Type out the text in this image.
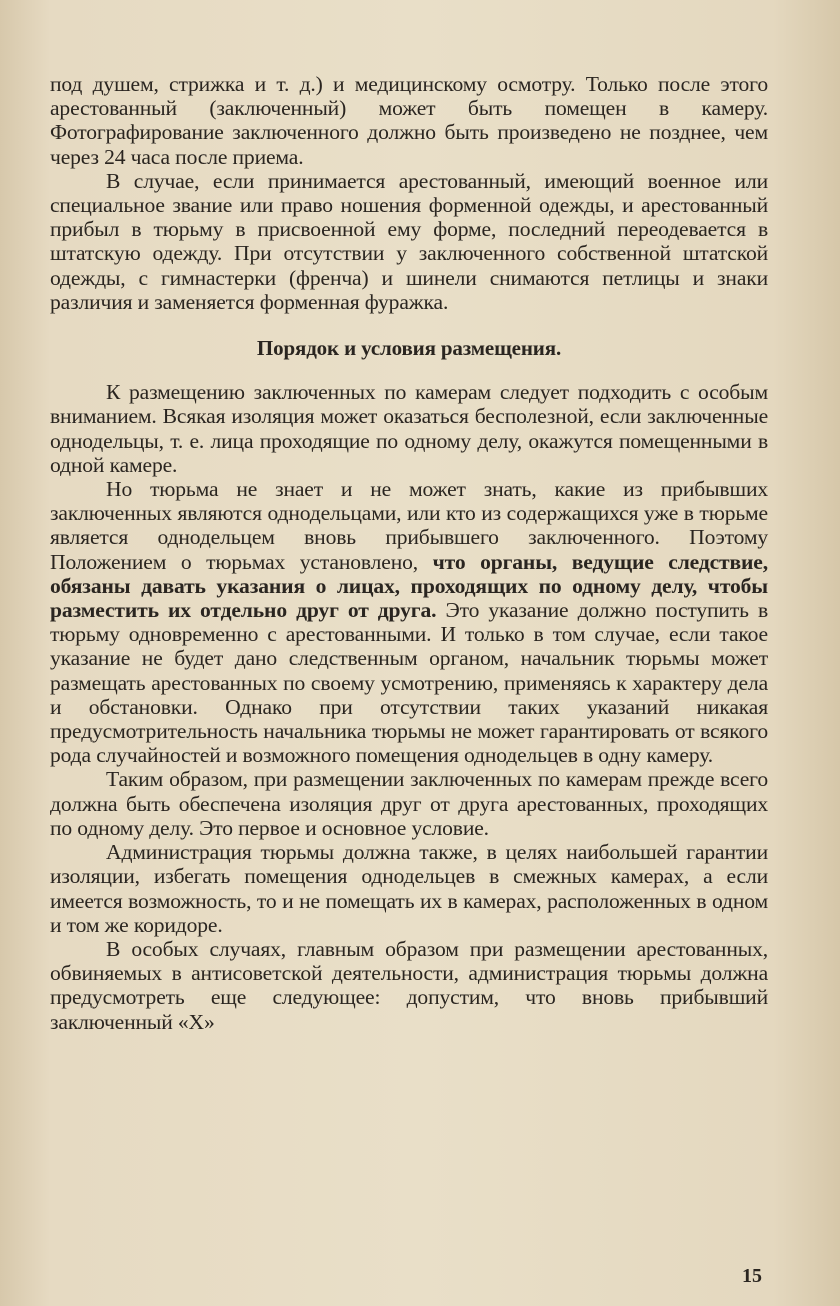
под душем, стрижка и т. д.) и медицинскому осмотру. Только после этого арестованный (заключенный) может быть помещен в камеру. Фотографирование заключенного должно быть произведено не позднее, чем через 24 часа после приема.

В случае, если принимается арестованный, имеющий военное или специальное звание или право ношения форменной одежды, и арестованный прибыл в тюрьму в присвоенной ему форме, последний переодевается в штатскую одежду. При отсутствии у заключенного собственной штатской одежды, с гимнастерки (френча) и шинели снимаются петлицы и знаки различия и заменяется форменная фуражка.

Порядок и условия размещения.

К размещению заключенных по камерам следует подходить с особым вниманием. Всякая изоляция может оказаться бесполезной, если заключенные однодельцы, т. е. лица проходящие по одному делу, окажутся помещенными в одной камере.

Но тюрьма не знает и не может знать, какие из прибывших заключенных являются однодельцами, или кто из содержащихся уже в тюрьме является однодельцем вновь прибывшего заключенного. Поэтому Положением о тюрьмах установлено, что органы, ведущие следствие, обязаны давать указания о лицах, проходящих по одному делу, чтобы разместить их отдельно друг от друга. Это указание должно поступить в тюрьму одновременно с арестованными. И только в том случае, если такое указание не будет дано следственным органом, начальник тюрьмы может размещать арестованных по своему усмотрению, применяясь к характеру дела и обстановки. Однако при отсутствии таких указаний никакая предусмотрительность начальника тюрьмы не может гарантировать от всякого рода случайностей и возможного помещения однодельцев в одну камеру.

Таким образом, при размещении заключенных по камерам прежде всего должна быть обеспечена изоляция друг от друга арестованных, проходящих по одному делу. Это первое и основное условие.

Администрация тюрьмы должна также, в целях наибольшей гарантии изоляции, избегать помещения однодельцев в смежных камерах, а если имеется возможность, то и не помещать их в камерах, расположенных в одном и том же коридоре.

В особых случаях, главным образом при размещении арестованных, обвиняемых в антисоветской деятельности, администрация тюрьмы должна предусмотреть еще следующее: допустим, что вновь прибывший заключенный «Х»

15
